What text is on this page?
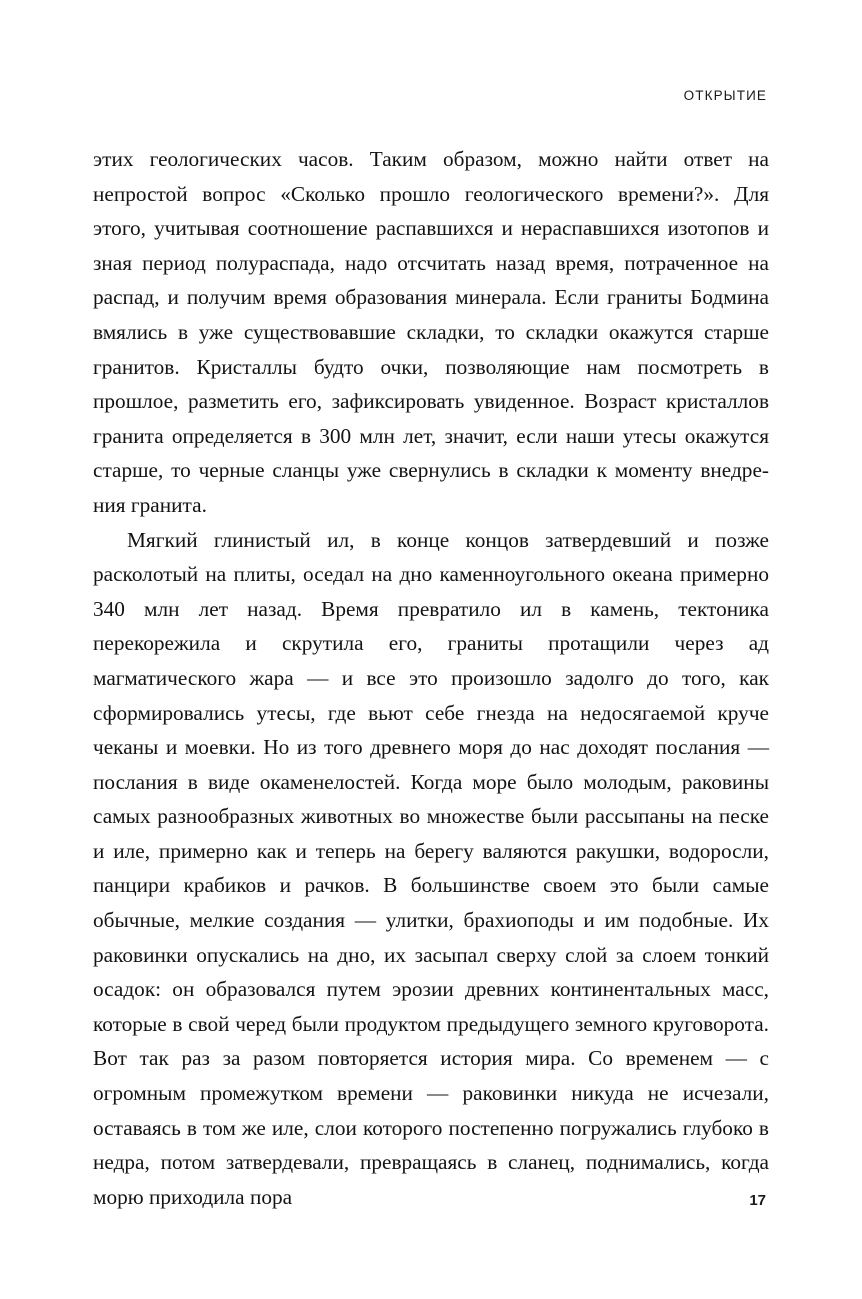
ОТКРЫТИЕ

этих геологических часов. Таким образом, можно найти ответ на непростой вопрос «Сколько прошло геологического времени?». Для этого, учитывая соотношение распавшихся и нераспавшихся изотопов и зная период полураспада, надо отсчитать назад время, потраченное на распад, и получим время образования минерала. Если граниты Бодмина вмялись в уже существовавшие складки, то складки окажутся старше гранитов. Кристаллы будто очки, позволяющие нам посмотреть в прошлое, разметить его, зафиксировать увиденное. Возраст кристаллов гранита определяется в 300 млн лет, значит, если наши утесы окажутся старше, то черные сланцы уже свернулись в складки к моменту внедрения гранита.

Мягкий глинистый ил, в конце концов затвердевший и позже расколотый на плиты, оседал на дно каменноугольного океана примерно 340 млн лет назад. Время превратило ил в камень, тектоника перекорежила и скрутила его, граниты протащили через ад магматического жара — и все это произошло задолго до того, как сформировались утесы, где вьют себе гнезда на недосягаемой круче чеканы и моевки. Но из того древнего моря до нас доходят послания — послания в виде окаменелостей. Когда море было молодым, раковины самых разнообразных животных во множестве были рассыпаны на песке и иле, примерно как и теперь на берегу валяются ракушки, водоросли, панцири крабиков и рачков. В большинстве своем это были самые обычные, мелкие создания — улитки, брахиоподы и им подобные. Их раковинки опускались на дно, их засыпал сверху слой за слоем тонкий осадок: он образовался путем эрозии древних континентальных масс, которые в свой черед были продуктом предыдущего земного круговорота. Вот так раз за разом повторяется история мира. Со временем — с огромным промежутком времени — раковинки никуда не исчезали, оставаясь в том же иле, слои которого постепенно погружались глубоко в недра, потом затвердевали, превращаясь в сланец, поднимались, когда морю приходила пора	17
